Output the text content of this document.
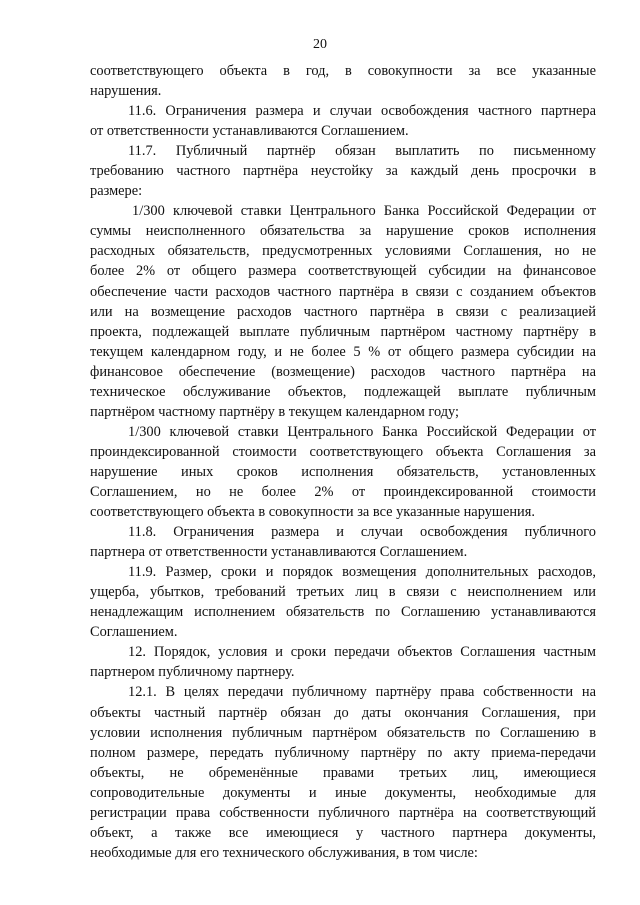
20
соответствующего объекта в год, в совокупности за все указанные
нарушения.
11.6. Ограничения размера и случаи освобождения частного партнера
от ответственности устанавливаются Соглашением.
11.7. Публичный партнёр обязан выплатить по письменному
требованию частного партнёра неустойку за каждый день просрочки в
размере:
1/300 ключевой ставки Центрального Банка Российской Федерации от
суммы неисполненного обязательства за нарушение сроков исполнения
расходных обязательств, предусмотренных условиями Соглашения, но не
более 2% от общего размера соответствующей субсидии на финансовое
обеспечение части расходов частного партнёра в связи с созданием объектов
или на возмещение расходов частного партнёра в связи с реализацией
проекта, подлежащей выплате публичным партнёром частному партнёру в
текущем календарном году, и не более 5 % от общего размера субсидии на
финансовое обеспечение (возмещение) расходов частного партнёра на
техническое обслуживание объектов, подлежащей выплате публичным
партнёром частному партнёру в текущем календарном году;
1/300 ключевой ставки Центрального Банка Российской Федерации от
проиндексированной стоимости соответствующего объекта Соглашения за
нарушение иных сроков исполнения обязательств, установленных
Соглашением, но не более 2% от проиндексированной стоимости
соответствующего объекта в совокупности за все указанные нарушения.
11.8. Ограничения размера и случаи освобождения публичного
партнера от ответственности устанавливаются Соглашением.
11.9. Размер, сроки и порядок возмещения дополнительных расходов,
ущерба, убытков, требований третьих лиц в связи с неисполнением или
ненадлежащим исполнением обязательств по Соглашению устанавливаются
Соглашением.
12. Порядок, условия и сроки передачи объектов Соглашения частным
партнером публичному партнеру.
12.1. В целях передачи публичному партнёру права собственности на
объекты частный партнёр обязан до даты окончания Соглашения, при
условии исполнения публичным партнёром обязательств по Соглашению в
полном размере, передать публичному партнёру по акту приема-передачи
объекты, не обременённые правами третьих лиц, имеющиеся
сопроводительные документы и иные документы, необходимые для
регистрации права собственности публичного партнёра на соответствующий
объект, а также все имеющиеся у частного партнера документы,
необходимые для его технического обслуживания, в том числе:
